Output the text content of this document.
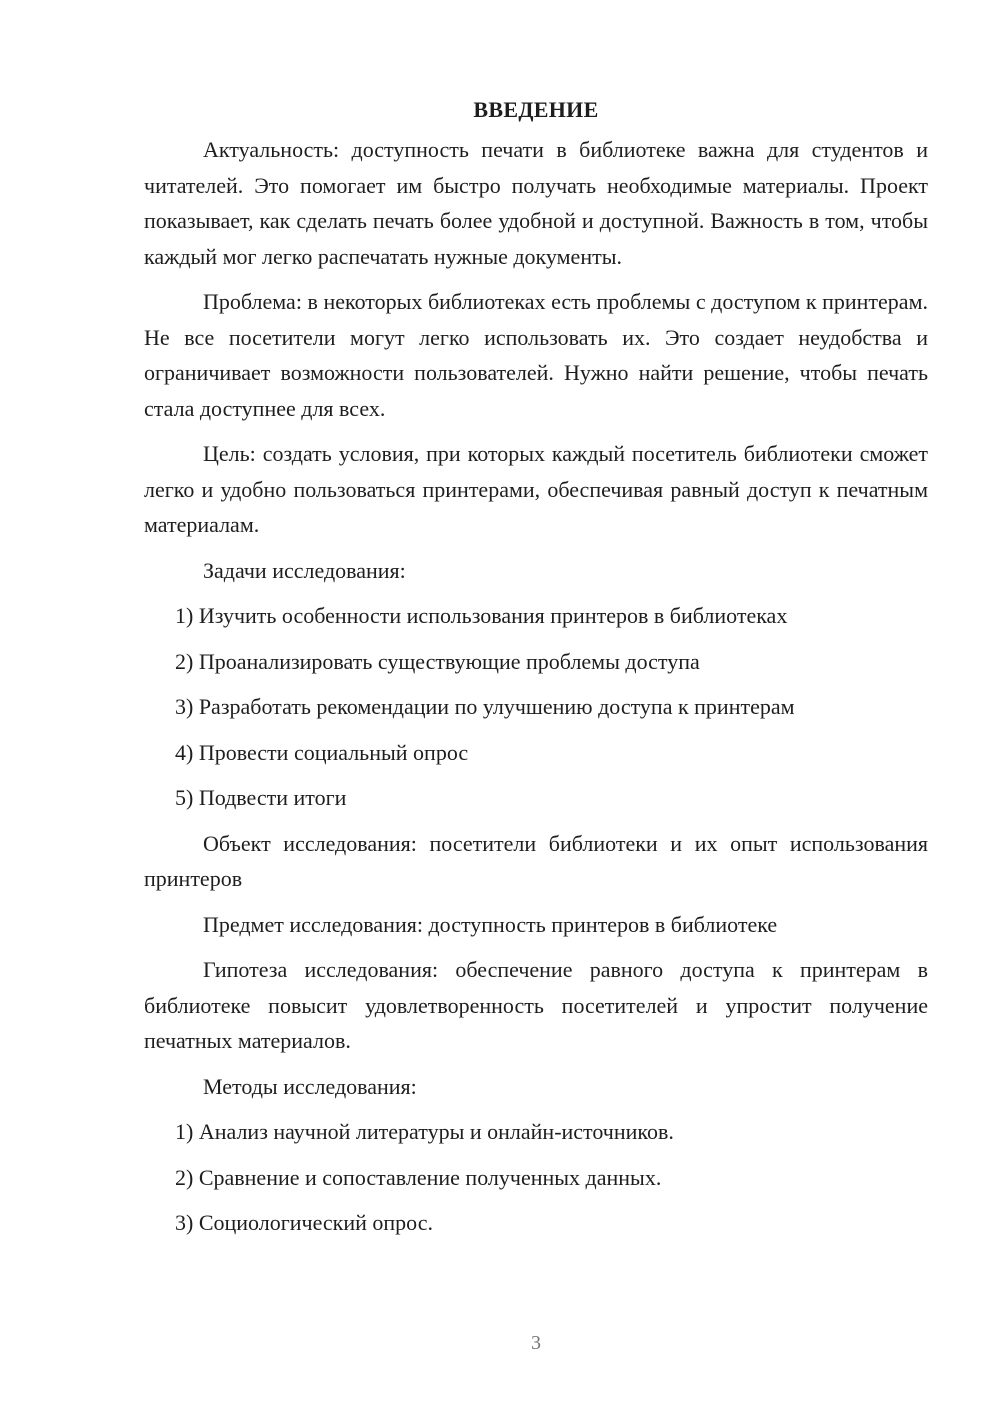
ВВЕДЕНИЕ

Актуальность: доступность печати в библиотеке важна для студентов и читателей. Это помогает им быстро получать необходимые материалы. Проект показывает, как сделать печать более удобной и доступной. Важность в том, чтобы каждый мог легко распечатать нужные документы.

Проблема: в некоторых библиотеках есть проблемы с доступом к принтерам. Не все посетители могут легко использовать их. Это создает неудобства и ограничивает возможности пользователей. Нужно найти решение, чтобы печать стала доступнее для всех.

Цель: создать условия, при которых каждый посетитель библиотеки сможет легко и удобно пользоваться принтерами, обеспечивая равный доступ к печатным материалам.

Задачи исследования:

1) Изучить особенности использования принтеров в библиотеках
2) Проанализировать существующие проблемы доступа
3) Разработать рекомендации по улучшению доступа к принтерам
4) Провести социальный опрос
5) Подвести итоги

Объект исследования: посетители библиотеки и их опыт использования принтеров

Предмет исследования: доступность принтеров в библиотеке

Гипотеза исследования: обеспечение равного доступа к принтерам в библиотеке повысит удовлетворенность посетителей и упростит получение печатных материалов.

Методы исследования:

1) Анализ научной литературы и онлайн-источников.
2) Сравнение и сопоставление полученных данных.
3) Социологический опрос.
3
